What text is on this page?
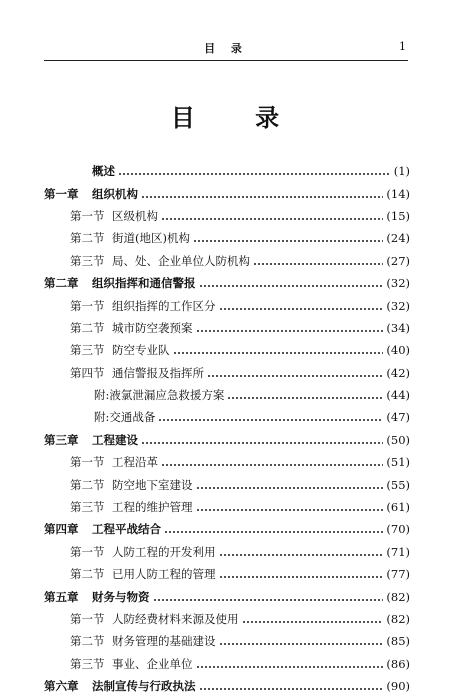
目 录	1
目 录
概述	(1)
第一章	组织机构	(14)
第一节 区级机构	(15)
第二节 街道(地区)机构	(24)
第三节 局、处、企业单位人防机构	(27)
第二章	组织指挥和通信警报	(32)
第一节 组织指挥的工作区分	(32)
第二节 城市防空袭预案	(34)
第三节 防空专业队	(40)
第四节 通信警报及指挥所	(42)
附:液氯泄漏应急救援方案	(44)
附:交通战备	(47)
第三章	工程建设	(50)
第一节 工程沿革	(51)
第二节 防空地下室建设	(55)
第三节 工程的维护管理	(61)
第四章	工程平战结合	(70)
第一节 人防工程的开发利用	(71)
第二节 已用人防工程的管理	(77)
第五章	财务与物资	(82)
第一节 人防经费材料来源及使用	(82)
第二节 财务管理的基础建设	(85)
第三节 事业、企业单位	(86)
第六章	法制宣传与行政执法	(90)
